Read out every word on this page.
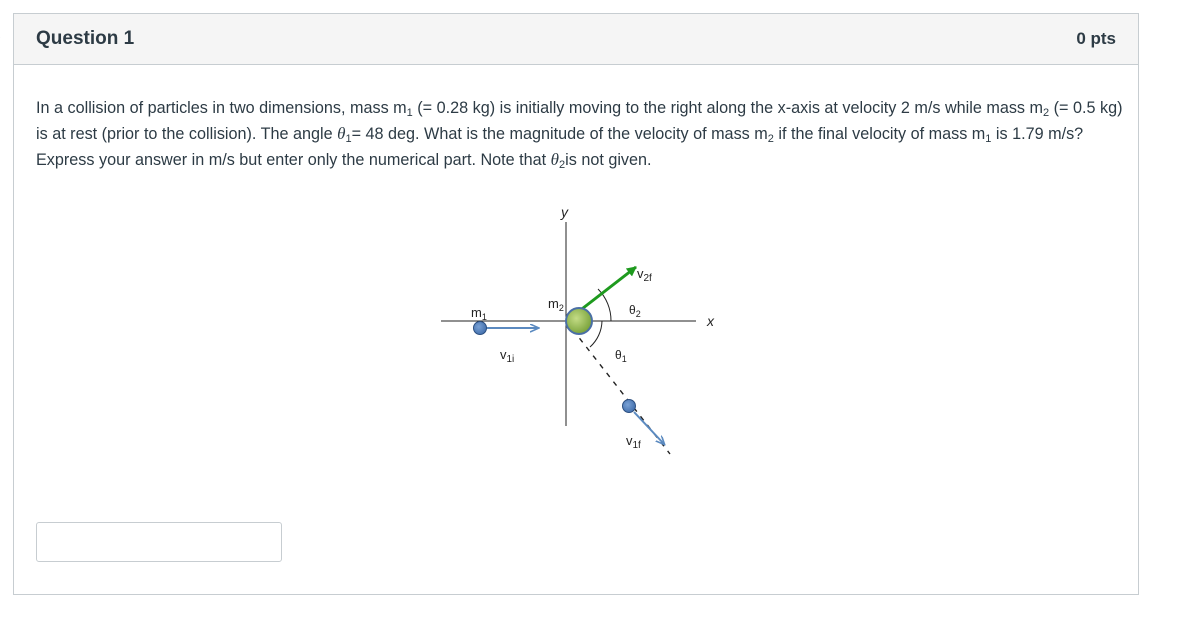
Question 1	0 pts
In a collision of particles in two dimensions, mass $m_1$ (= 0.28 kg) is initially moving to the right along the x-axis at velocity 2 m/s while mass $m_2$ (= 0.5 kg) is at rest (prior to the collision). The angle $\theta_1= 48$ deg. What is the magnitude of the velocity of mass $m_2$ if the final velocity of mass $m_1$ is 1.79 m/s? Express your answer in m/s but enter only the numerical part. Note that $\theta_2is$ not given.
y
x
$m_1$
$m_2$
$v_{1i}$
$v_{2f}$
$v_{1f}$
$\theta_1$
$\theta_2$
